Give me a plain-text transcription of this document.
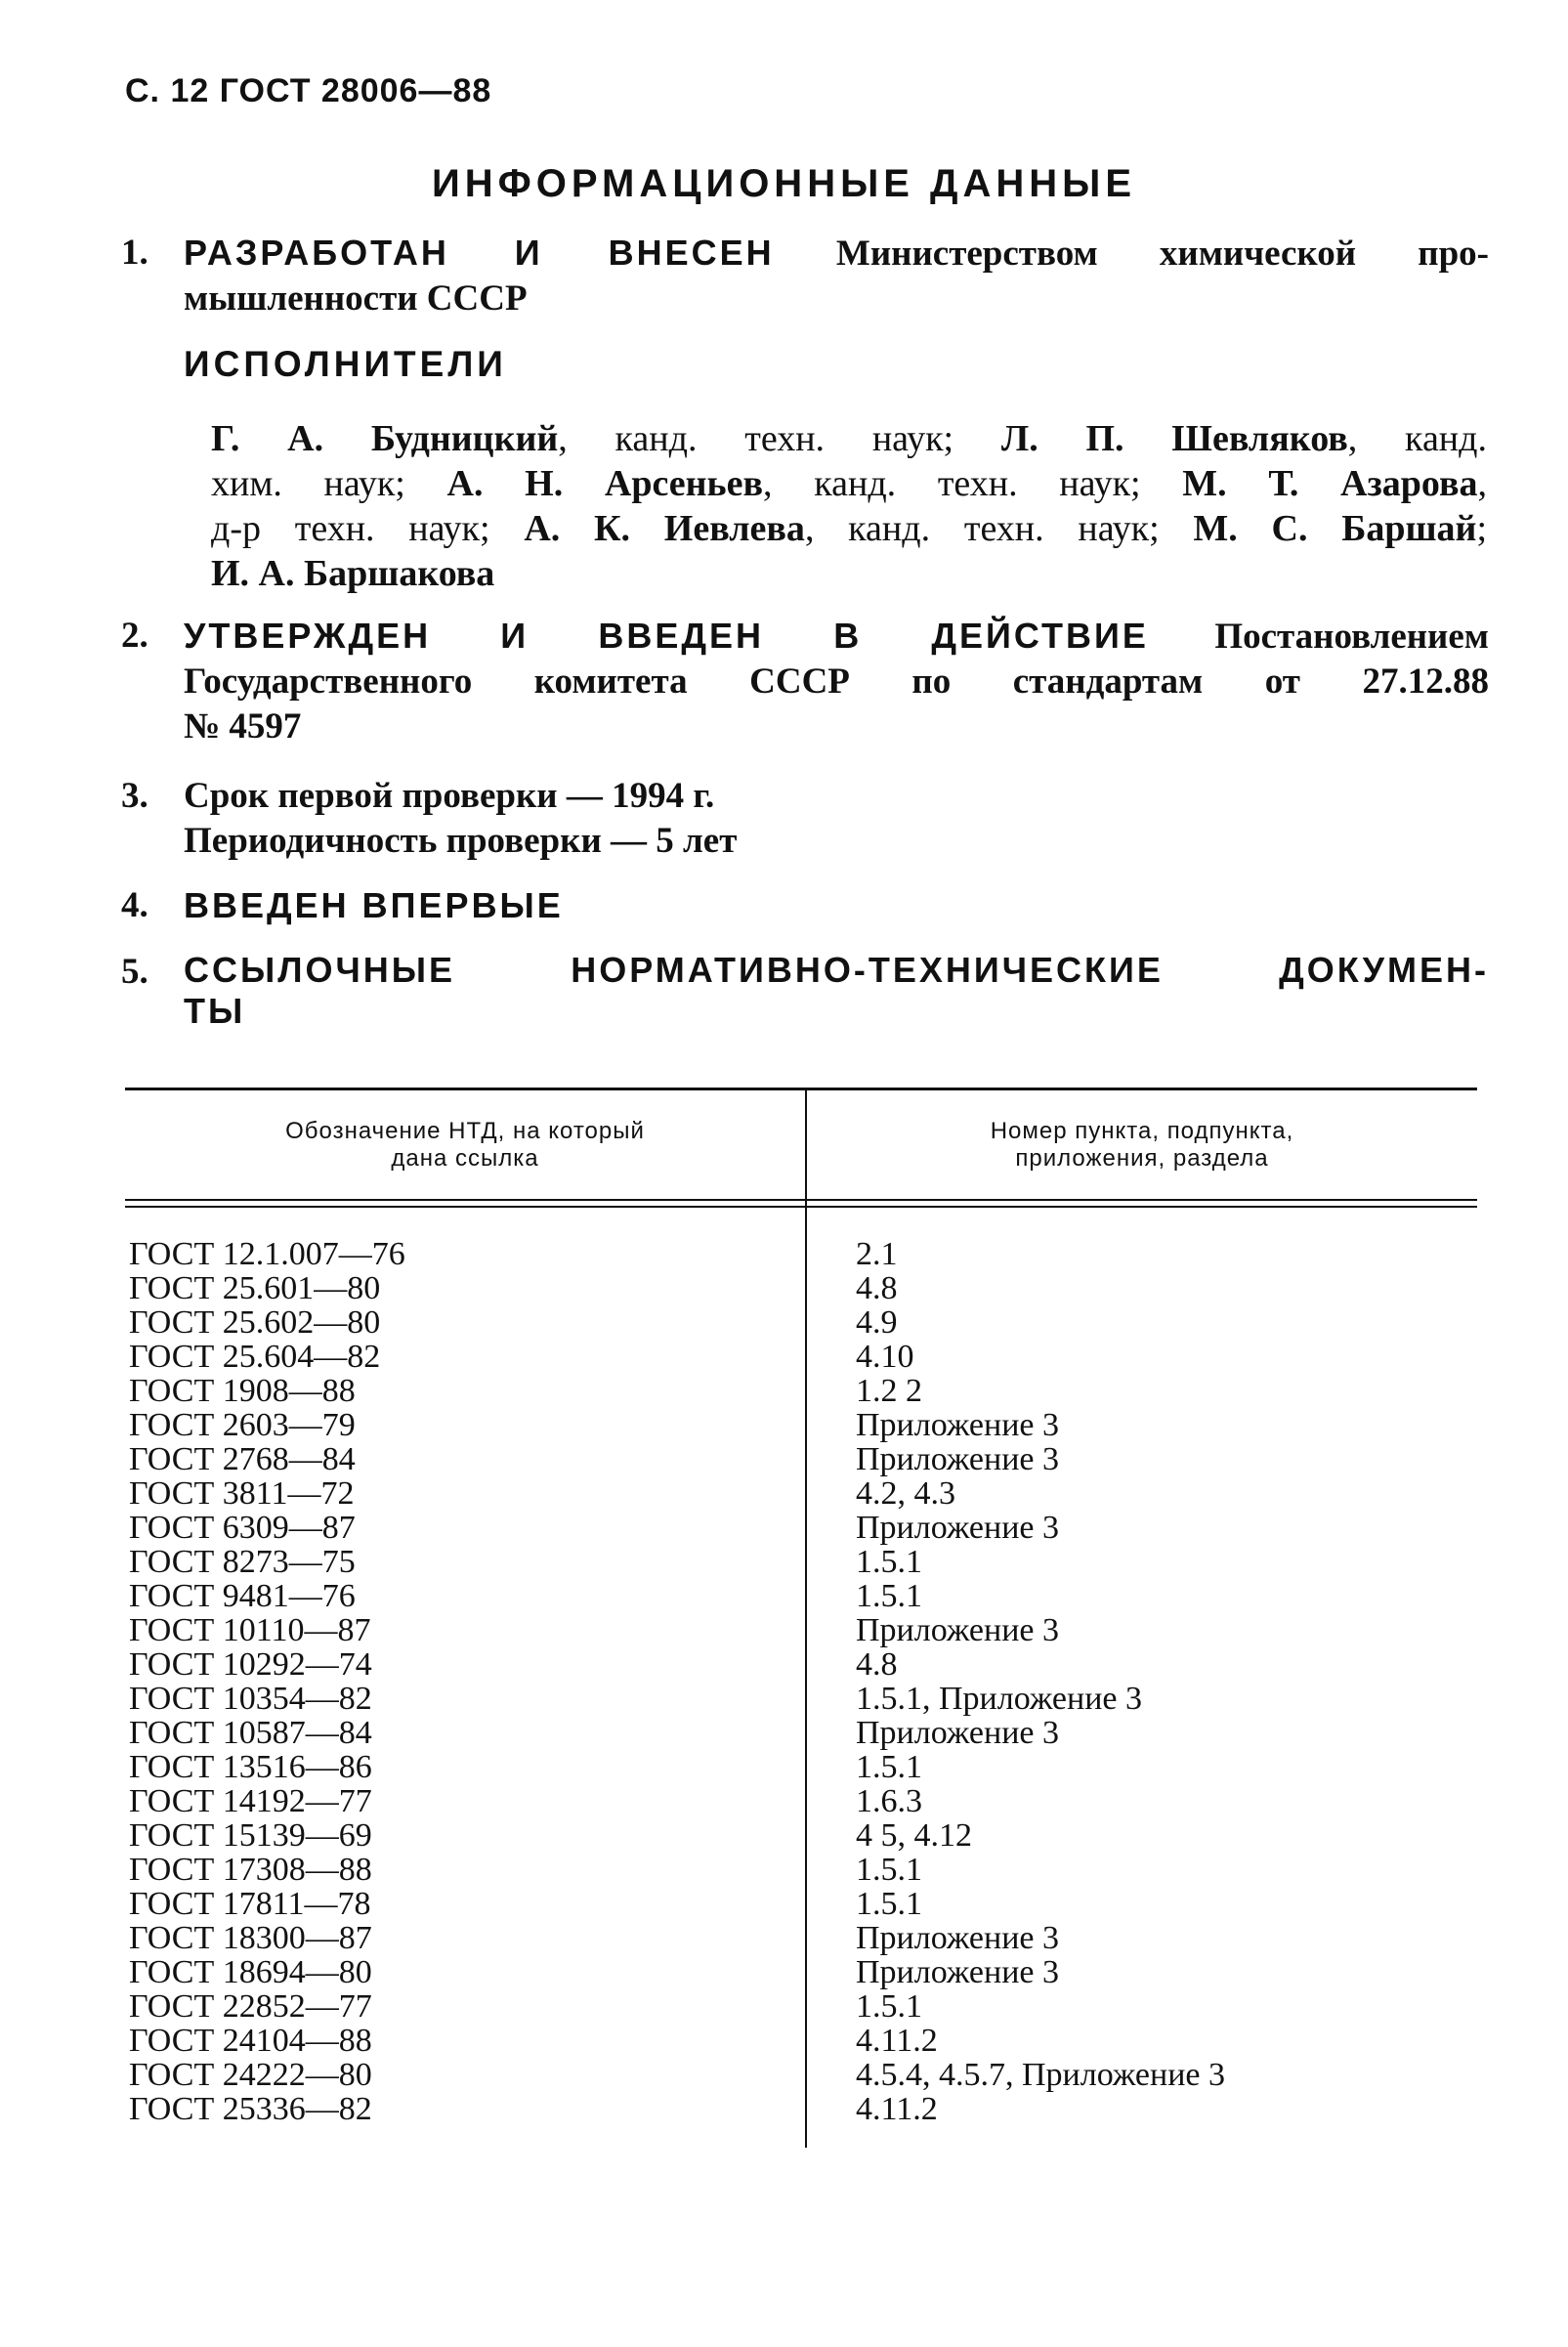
С. 12 ГОСТ 28006—88
ИНФОРМАЦИОННЫЕ ДАННЫЕ
1.	РАЗРАБОТАН И ВНЕСЕН Министерством химической про-
мышленности СССР
ИСПОЛНИТЕЛИ
Г. А. Будницкий, канд. техн. наук; Л. П. Шевляков, канд.
хим. наук; А. Н. Арсеньев, канд. техн. наук; М. Т. Азарова,
д-р техн. наук; А. К. Иевлева, канд. техн. наук; М. С. Баршай;
И. А. Баршакова
2.	УТВЕРЖДЕН И ВВЕДЕН В ДЕЙСТВИЕ Постановлением
Государственного комитета СССР по стандартам от 27.12.88
№ 4597
3. Срок первой проверки — 1994 г.
Периодичность проверки — 5 лет
4.	ВВЕДЕН ВПЕРВЫЕ
5.	ССЫЛОЧНЫЕ НОРМАТИВНО-ТЕХНИЧЕСКИЕ ДОКУМЕН-
ТЫ
Обозначение НТД, на который
дана ссылка
Номер пункта, подпункта,
приложения, раздела
ГОСТ 12.1.007—76	2.1
ГОСТ 25.601—80	4.8
ГОСТ 25.602—80	4.9
ГОСТ 25.604—82	4.10
ГОСТ 1908—88	1.2 2
ГОСТ 2603—79	Приложение 3
ГОСТ 2768—84	Приложение 3
ГОСТ 3811—72	4.2, 4.3
ГОСТ 6309—87	Приложение 3
ГОСТ 8273—75	1.5.1
ГОСТ 9481—76	1.5.1
ГОСТ 10110—87	Приложение 3
ГОСТ 10292—74	4.8
ГОСТ 10354—82	1.5.1, Приложение 3
ГОСТ 10587—84	Приложение 3
ГОСТ 13516—86	1.5.1
ГОСТ 14192—77	1.6.3
ГОСТ 15139—69	4 5, 4.12
ГОСТ 17308—88	1.5.1
ГОСТ 17811—78	1.5.1
ГОСТ 18300—87	Приложение 3
ГОСТ 18694—80	Приложение 3
ГОСТ 22852—77	1.5.1
ГОСТ 24104—88	4.11.2
ГОСТ 24222—80	4.5.4, 4.5.7, Приложение 3
ГОСТ 25336—82	4.11.2
